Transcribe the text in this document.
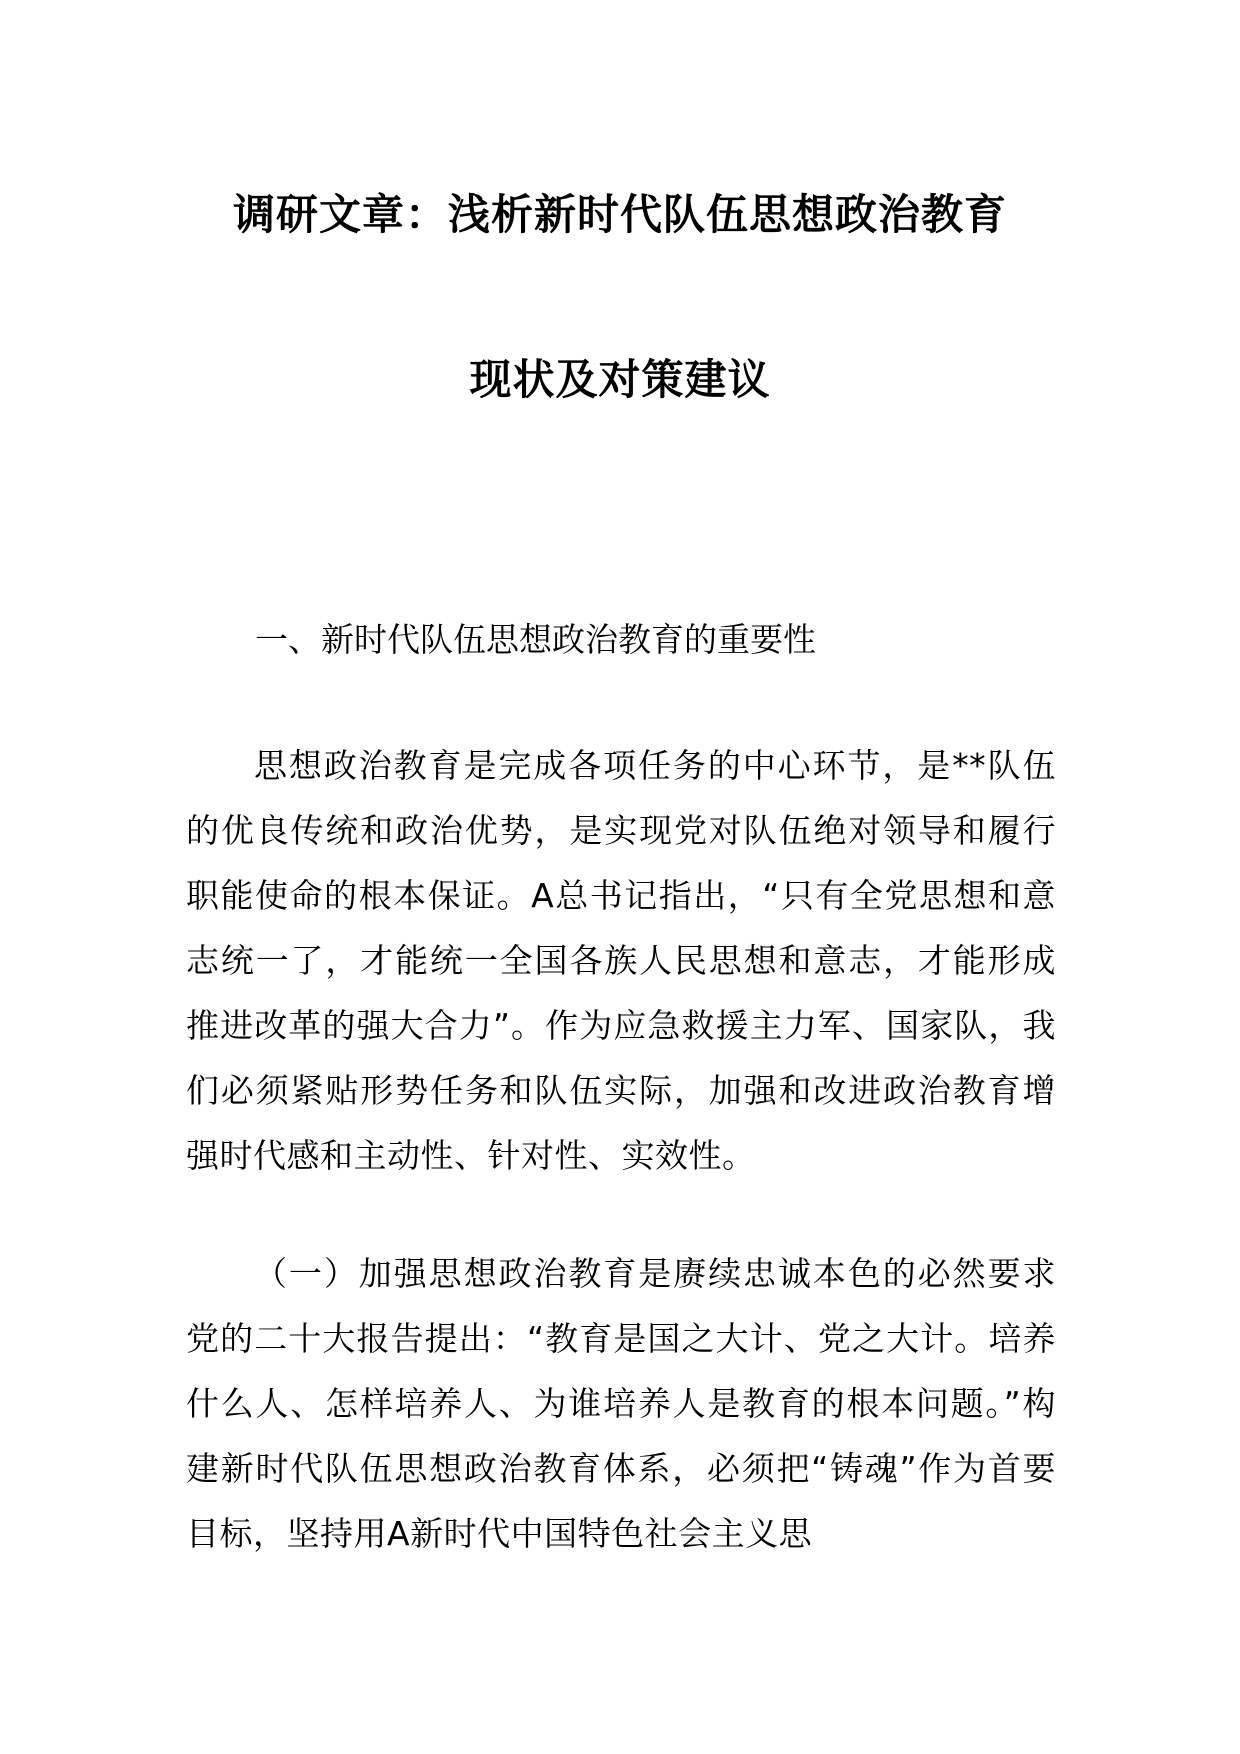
调研文章：浅析新时代队伍思想政治教育
现状及对策建议
一、新时代队伍思想政治教育的重要性
思想政治教育是完成各项任务的中心环节，是**队伍的优良传统和政治优势，是实现党对队伍绝对领导和履行职能使命的根本保证。A总书记指出，“只有全党思想和意志统一了，才能统一全国各族人民思想和意志，才能形成推进改革的强大合力”。作为应急救援主力军、国家队，我们必须紧贴形势任务和队伍实际，加强和改进政治教育增强时代感和主动性、针对性、实效性。
（一）加强思想政治教育是赓续忠诚本色的必然要求党的二十大报告提出：“教育是国之大计、党之大计。培养什么人、怎样培养人、为谁培养人是教育的根本问题。”构建新时代队伍思想政治教育体系，必须把“铸魂”作为首要目标，坚持用A新时代中国特色社会主义思
